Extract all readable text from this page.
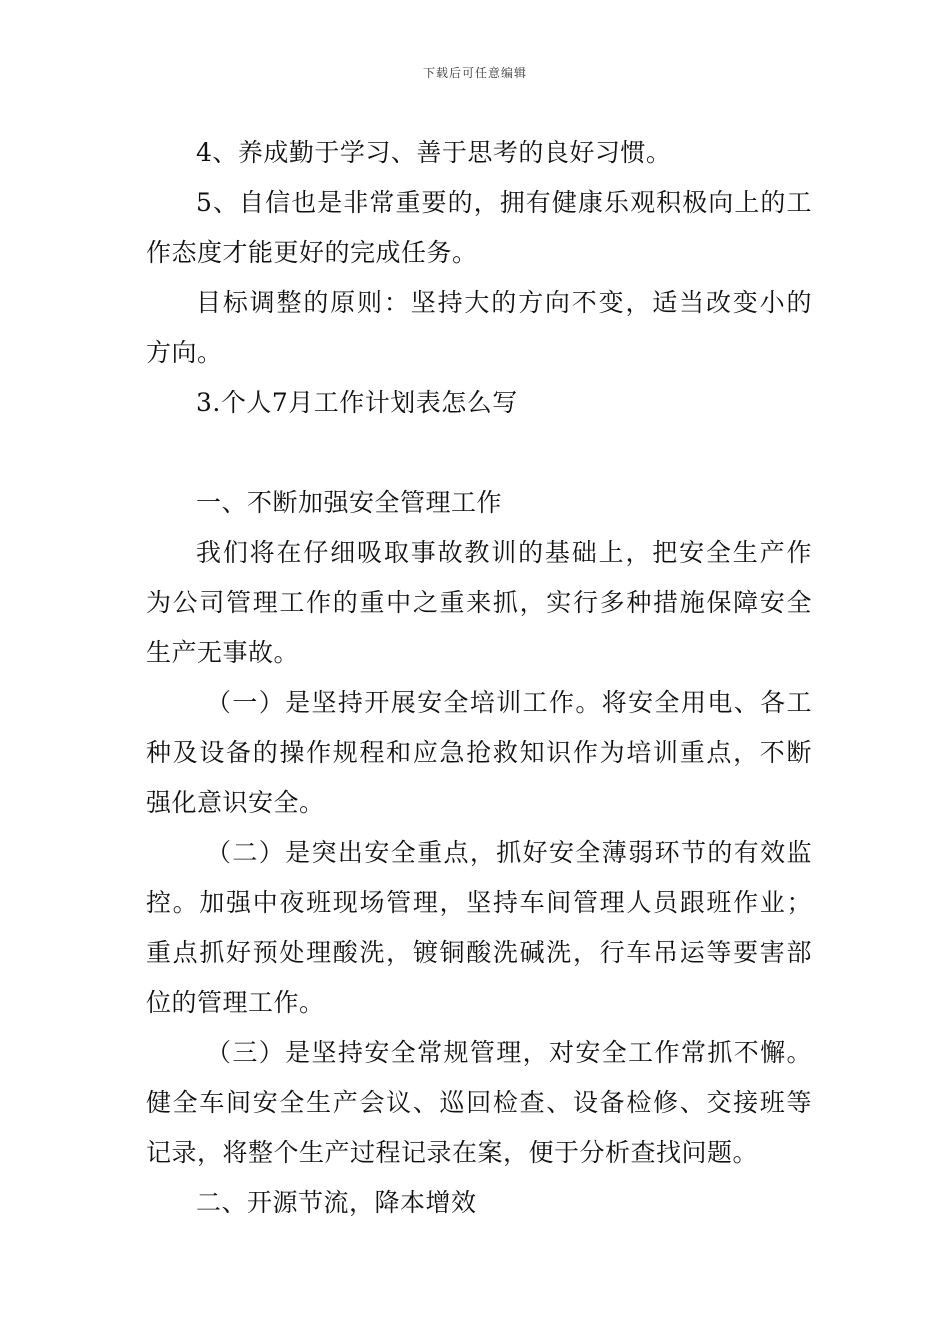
下载后可任意编辑
4、养成勤于学习、善于思考的良好习惯。
5、自信也是非常重要的，拥有健康乐观积极向上的工
作态度才能更好的完成任务。
目标调整的原则：坚持大的方向不变，适当改变小的
方向。
3.个人7月工作计划表怎么写
一、不断加强安全管理工作
我们将在仔细吸取事故教训的基础上，把安全生产作
为公司管理工作的重中之重来抓，实行多种措施保障安全
生产无事故。
（一）是坚持开展安全培训工作。将安全用电、各工
种及设备的操作规程和应急抢救知识作为培训重点，不断
强化意识安全。
（二）是突出安全重点，抓好安全薄弱环节的有效监
控。加强中夜班现场管理，坚持车间管理人员跟班作业；
重点抓好预处理酸洗，镀铜酸洗碱洗，行车吊运等要害部
位的管理工作。
（三）是坚持安全常规管理，对安全工作常抓不懈。
健全车间安全生产会议、巡回检查、设备检修、交接班等
记录，将整个生产过程记录在案，便于分析查找问题。
二、开源节流，降本增效
